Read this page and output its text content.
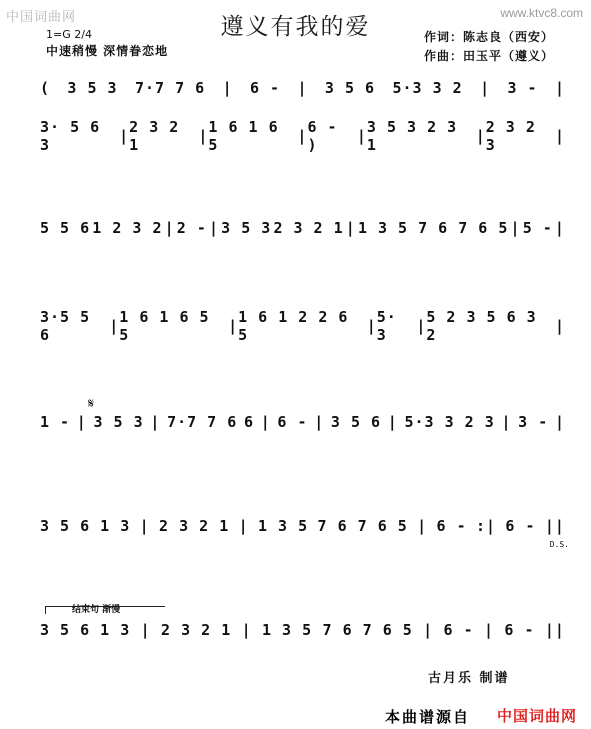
中国词曲网	www.ktvc8.com
遵义有我的爱
1=G 2/4
中速稍慢 深情眷恋地
作词：陈志良（西安）
作曲：田玉平（遵义）
( 3 5 3 7·7 7 6 | 6 - | 3 5 6 5·3 3 2 | 3 - |
3· 5 6 3	| 2 3 2 1	| 1 6 1 6 5	| 6 - )	| 3 5 3 2 3 1	| 2 3 2 3	|
5 5 6 1 2 3 2 | 2 - | 3 5 3 2 3 2 1 | 1 3 5 7 6 7 6 5 | 5 - |
3·5 5 6	| 1 6 1 6 5 5	| 1 6 1 2 2 6 5	| 5· 3	| 5 2 3 5 6 3 2	|
𝄋
1 - | 3 5 3 | 7·7 7 6 6 | 6 - | 3 5 6 | 5·3 3 2 3 | 3 - |
3 5 6 1 3 | 2 3 2 1 | 1 3 5 7 6 7 6 5 | 6 - :| 6 - ||
D.S.
结束句 渐慢
3 5 6 1 3 | 2 3 2 1 | 1 3 5 7 6 7 6 5 | 6 - | 6 - ||
古月乐 制谱
本曲谱源自 中国词曲网
